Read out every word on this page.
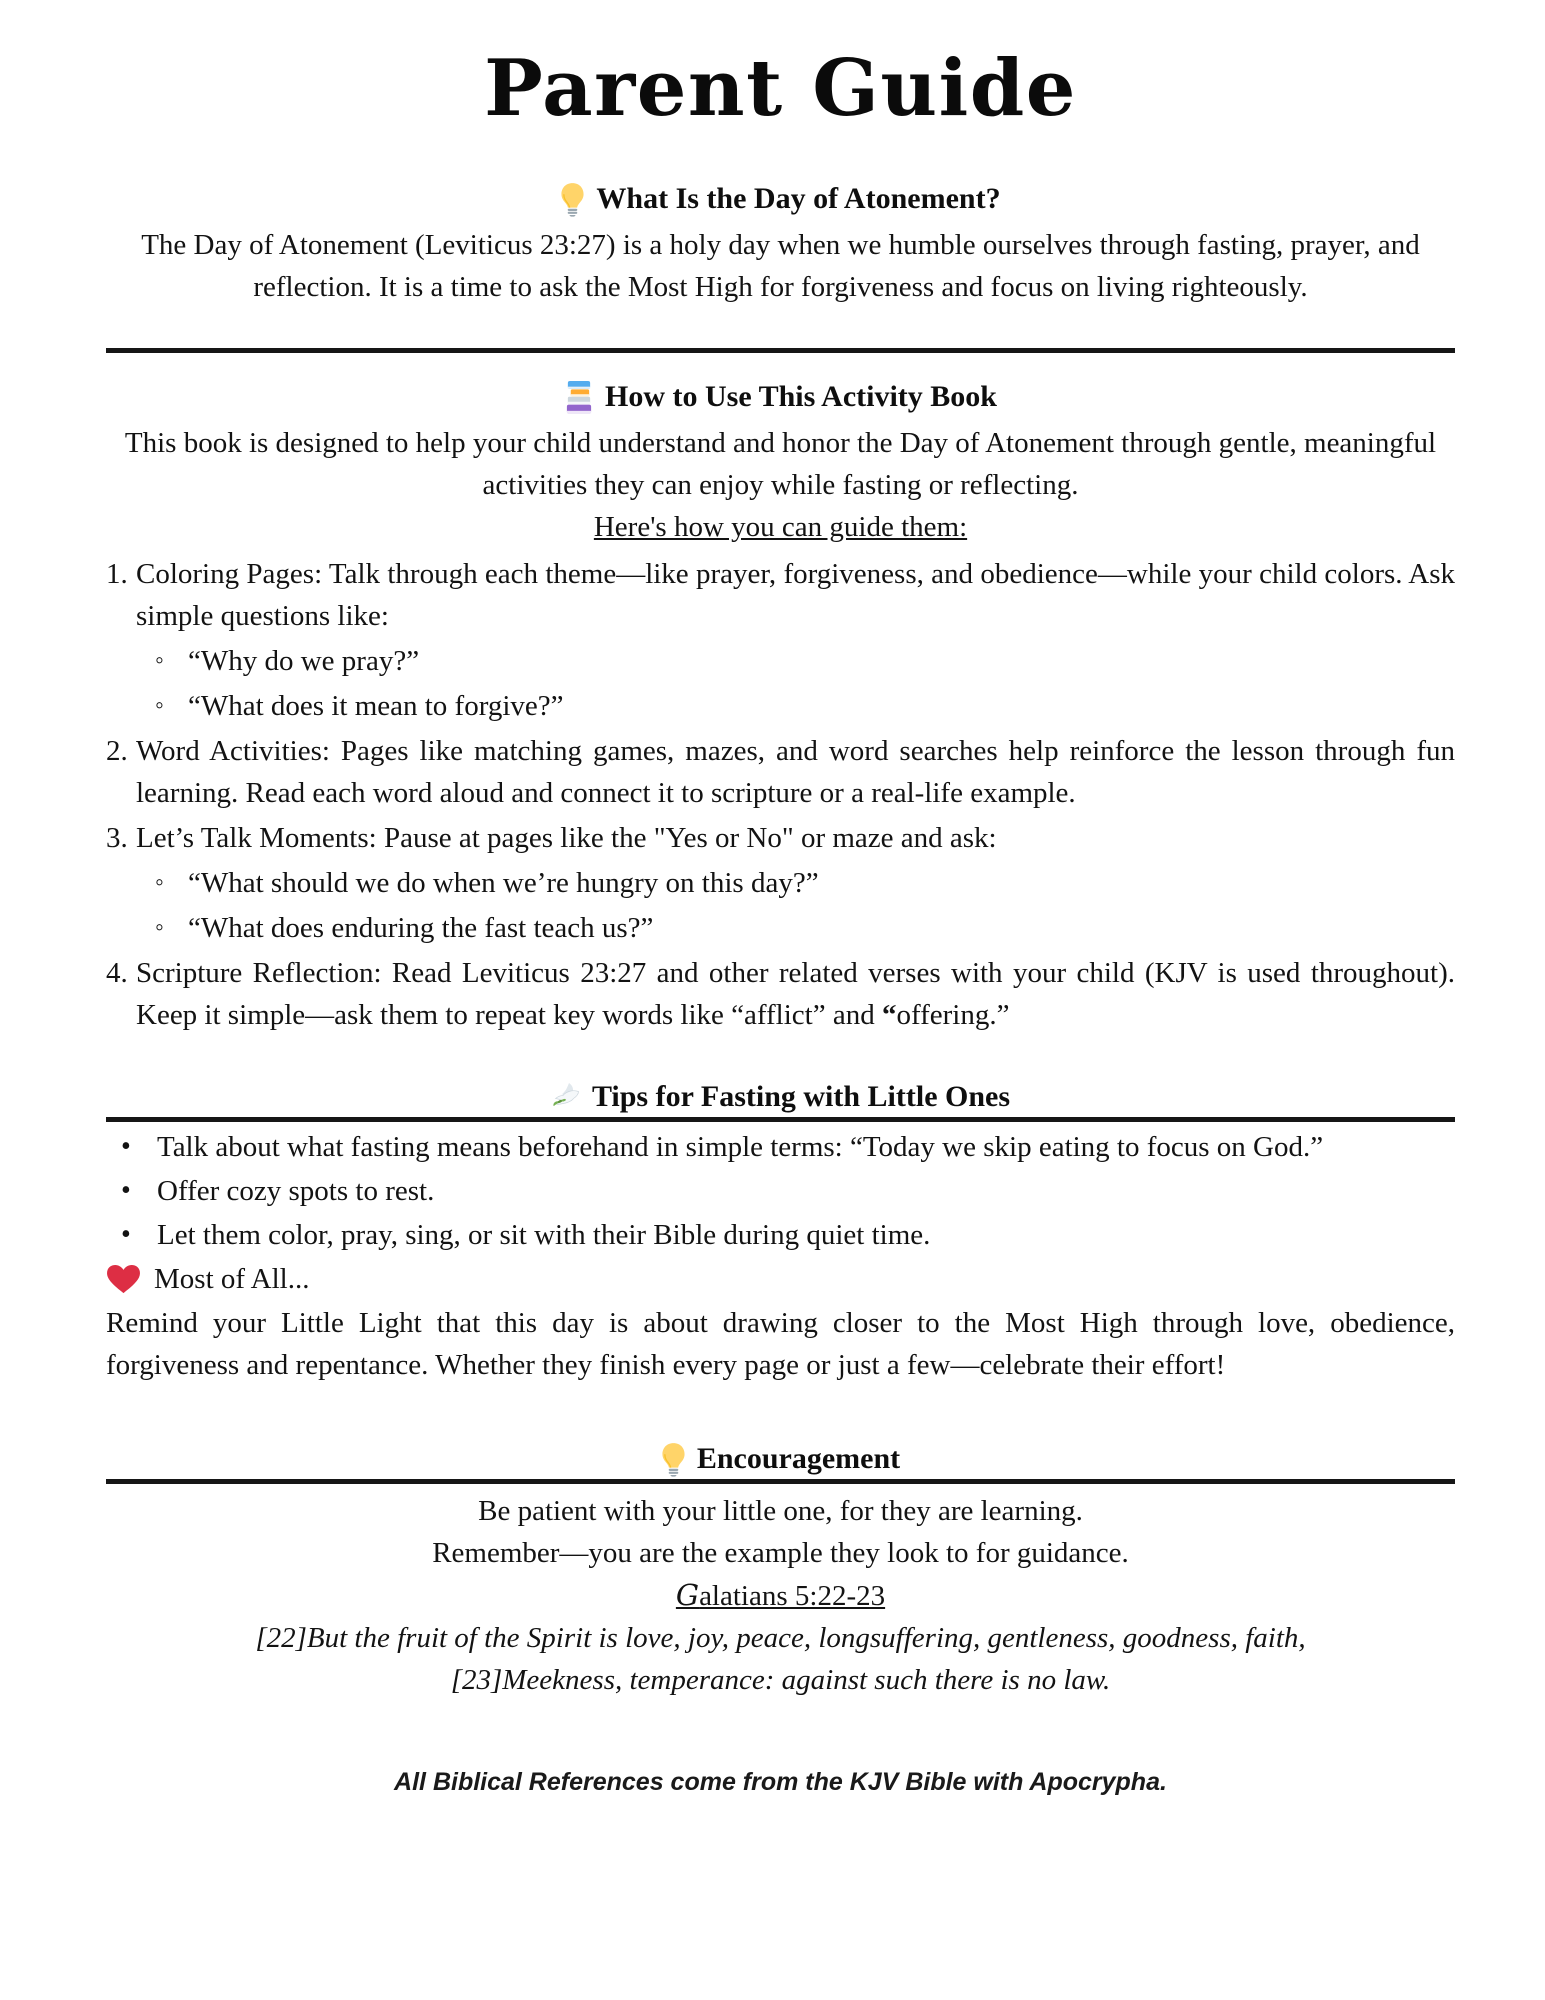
Parent Guide
What Is the Day of Atonement?
The Day of Atonement (Leviticus 23:27) is a holy day when we humble ourselves through fasting, prayer, and reflection. It is a time to ask the Most High for forgiveness and focus on living righteously.
How to Use This Activity Book
This book is designed to help your child understand and honor the Day of Atonement through gentle, meaningful activities they can enjoy while fasting or reflecting.
Here's how you can guide them:
1. Coloring Pages: Talk through each theme—like prayer, forgiveness, and obedience—while your child colors. Ask simple questions like:
◦ “Why do we pray?”
◦ “What does it mean to forgive?”
2. Word Activities: Pages like matching games, mazes, and word searches help reinforce the lesson through fun learning. Read each word aloud and connect it to scripture or a real-life example.
3. Let’s Talk Moments: Pause at pages like the "Yes or No" or maze and ask:
◦ “What should we do when we’re hungry on this day?”
◦ “What does enduring the fast teach us?”
4. Scripture Reflection: Read Leviticus 23:27 and other related verses with your child (KJV is used throughout). Keep it simple—ask them to repeat key words like “afflict” and “offering.”
Tips for Fasting with Little Ones
• Talk about what fasting means beforehand in simple terms: “Today we skip eating to focus on God.”
• Offer cozy spots to rest.
• Let them color, pray, sing, or sit with their Bible during quiet time.
Most of All...
Remind your Little Light that this day is about drawing closer to the Most High through love, obedience, forgiveness and repentance. Whether they finish every page or just a few—celebrate their effort!
Encouragement
Be patient with your little one, for they are learning.
Remember—you are the example they look to for guidance.
Galatians 5:22-23
[22]But the fruit of the Spirit is love, joy, peace, longsuffering, gentleness, goodness, faith,
[23]Meekness, temperance: against such there is no law.
All Biblical References come from the KJV Bible with Apocrypha.
